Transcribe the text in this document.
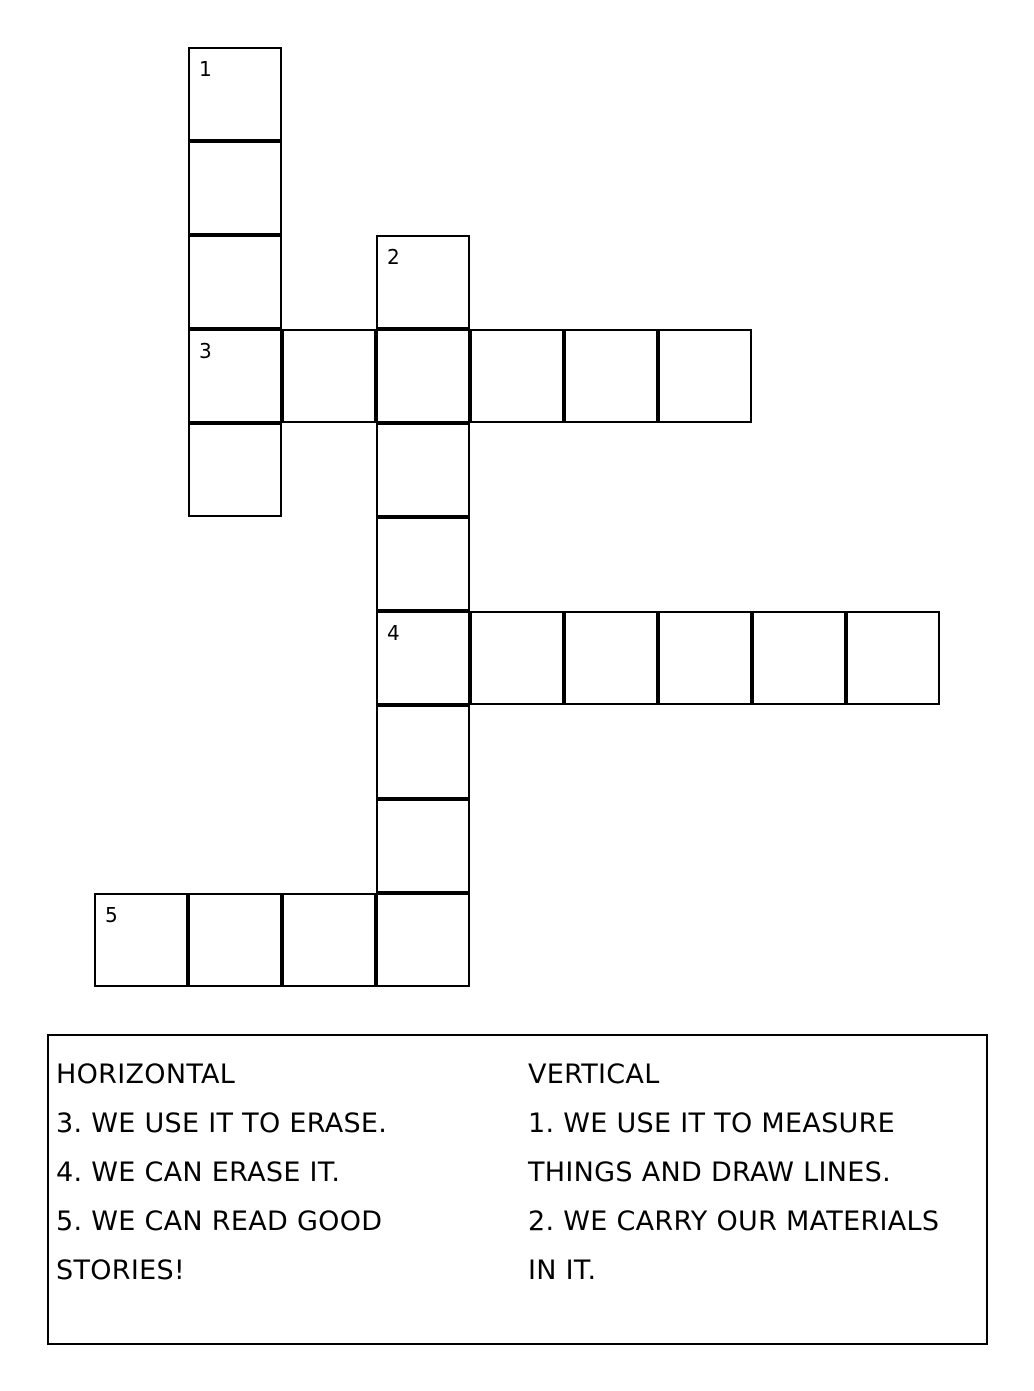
1
2
3
4
5
HORIZONTAL
3. WE USE IT TO ERASE.
4. WE CAN ERASE IT.
5. WE CAN READ GOOD
STORIES!
VERTICAL
1. WE USE IT TO MEASURE
THINGS AND DRAW LINES.
2. WE CARRY OUR MATERIALS
IN IT.
